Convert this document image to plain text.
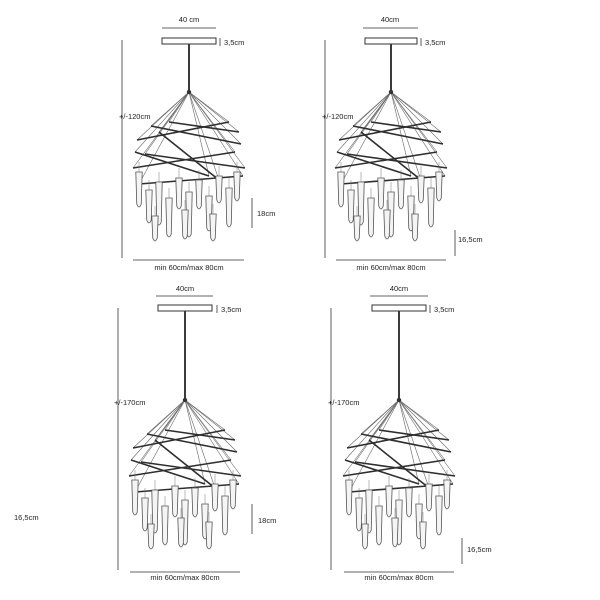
40 cm
3,5cm
+/-120cm
18cm
min 60cm/max 80cm
40cm
3,5cm
+/-120cm
16,5cm
min 60cm/max 80cm
40cm
3,5cm
+/-170cm
18cm
min 60cm/max 80cm
40cm
3,5cm
+/-170cm
16,5cm
min 60cm/max 80cm
16,5cm
